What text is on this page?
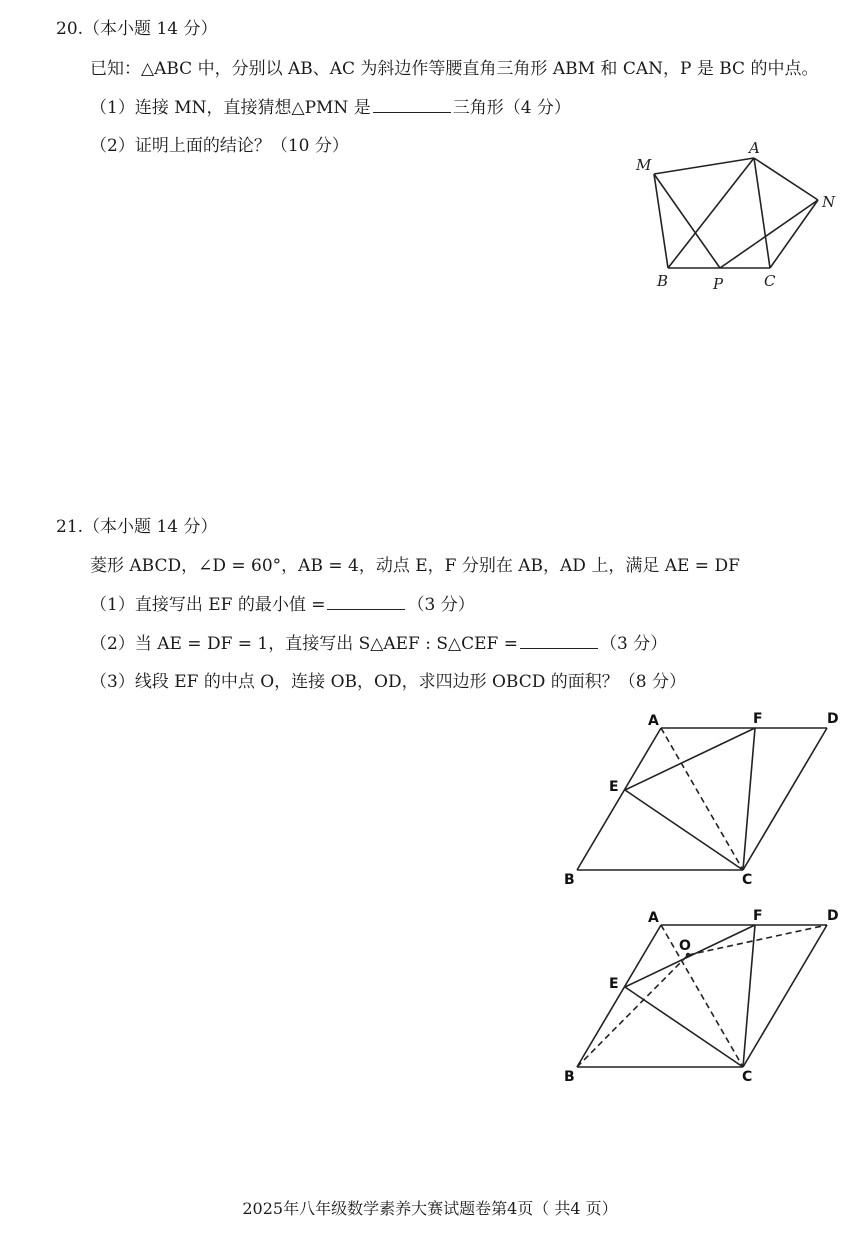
20.（本小题 14 分）
已知：△ABC 中，分别以 AB、AC 为斜边作等腰直角三角形 ABM 和 CAN，P 是 BC 的中点。
（1）连接 MN，直接猜想△PMN 是	三角形（4 分）
（2）证明上面的结论？（10 分）
M
A
N
B	P	C
21.（本小题 14 分）
菱形 ABCD，∠D = 60°，AB = 4，动点 E，F 分别在 AB，AD 上，满足 AE = DF
（1）直接写出 EF 的最小值 =	（3 分）
（2）当 AE = DF = 1，直接写出 S△AEF : S△CEF =	（3 分）
（3）线段 EF 的中点 O，连接 OB，OD，求四边形 OBCD 的面积？（8 分）
A	F	D
E
B	C
A	F	D
O
E
B	C
2025年八年级数学素养大赛试题卷第4页（ 共4 页）
